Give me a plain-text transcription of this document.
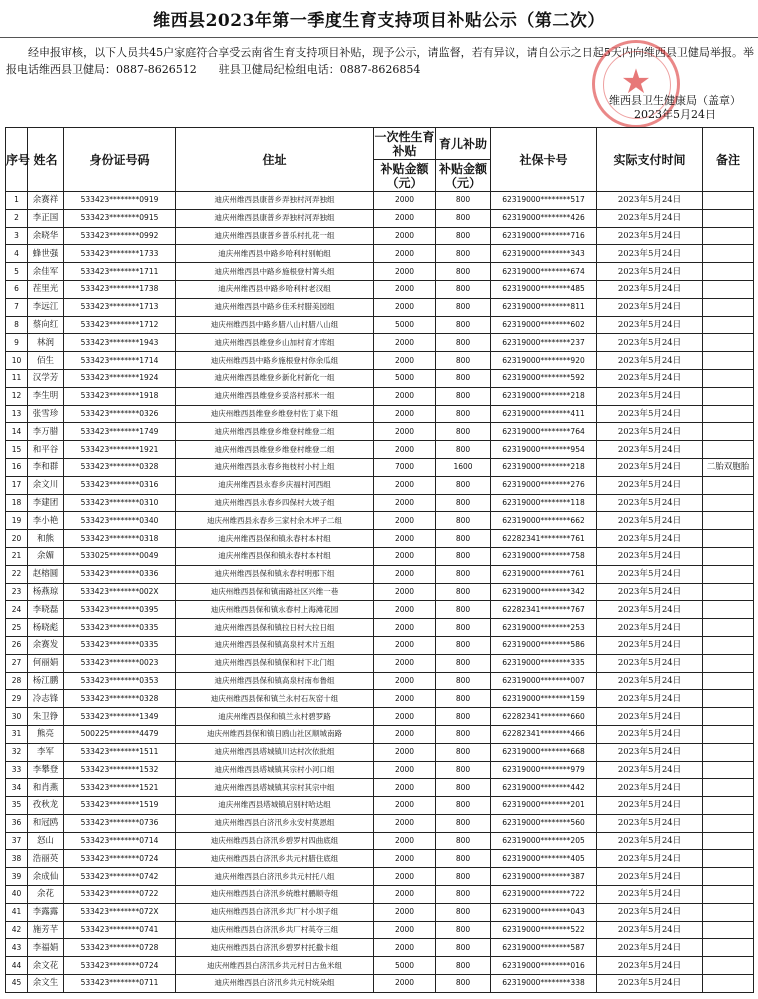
维西县2023年第一季度生育支持项目补贴公示（第二次）
经申报审核，以下人员共45户家庭符合享受云南省生育支持项目补贴，现予公示，请监督，若有异议，请自公示之日起5天内向维西县卫健局举报。举报电话维西县卫健局：0887-8626512　　驻县卫健局纪检组电话：0887-8626854
	★
维西县卫生健康局（盖章）
2023年5月24日
序号	姓名	身份证号码	住址	一次性生育补贴	育儿补助	社保卡号	实际支付时间	备注
				补贴金额（元）	补贴金额（元）			
1	余赛祥	533423********0919	迪庆州维西县康普乡弄独村河弄独组	2000	800	62319000********517	2023年5月24日	
2	李正国	533423********0915	迪庆州维西县康普乡弄独村河弄独组	2000	800	62319000********426	2023年5月24日	
3	余晓华	533423********0992	迪庆州维西县康普乡普乐村扎花一组	2000	800	62319000********716	2023年5月24日	
4	蜂世强	533423********1733	迪庆州维西县中路乡哈利村别帕组	2000	800	62319000********343	2023年5月24日	
5	余佳军	533423********1711	迪庆州维西县中路乡施根登村箐头组	2000	800	62319000********674	2023年5月24日	
6	茬里光	533423********1738	迪庆州维西县中路乡哈利村老汉组	2000	800	62319000********485	2023年5月24日	
7	李远江	533423********1713	迪庆州维西县中路乡佳禾村腊美园组	2000	800	62319000********811	2023年5月24日	
8	蔡向红	533423********1712	迪庆州维西县中路乡腊八山村腊八山组	5000	800	62319000********602	2023年5月24日	
9	林润	533423********1943	迪庆州维西县维登乡山加村育才库组	2000	800	62319000********237	2023年5月24日	
10	佰生	533423********1714	迪庆州维西县中路乡施根登村你余瓜组	2000	800	62319000********920	2023年5月24日	
11	汉学芳	533423********1924	迪庆州维西县维登乡新化村新化一组	5000	800	62319000********592	2023年5月24日	
12	李生明	533423********1918	迪庆州维西县维登乡妥洛村那米一组	2000	800	62319000********218	2023年5月24日	
13	张雪珍	533423********0326	迪庆州维西县维登乡维登村佐丁桌下组	2000	800	62319000********411	2023年5月24日	
14	李万腊	533423********1749	迪庆州维西县维登乡维登村维登二组	2000	800	62319000********764	2023年5月24日	
15	和平谷	533423********1921	迪庆州维西县维登乡维登村维登二组	2000	800	62319000********954	2023年5月24日	
16	李和群	533423********0328	迪庆州维西县永春乡拖枝村小村上组	7000	1600	62319000********218	2023年5月24日	二胎双胞胎
17	余文川	533423********0316	迪庆州维西县永春乡庆福村河西组	2000	800	62319000********276	2023年5月24日	
18	李建团	533423********0310	迪庆州维西县永春乡四保村大坡子组	2000	800	62319000********118	2023年5月24日	
19	李小艳	533423********0340	迪庆州维西县永春乡三家村余木坪子二组	2000	800	62319000********662	2023年5月24日	
20	和熊	533423********0318	迪庆州维西县保和镇永春村本村组	2000	800	62282341********761	2023年5月24日	
21	余媚	533025********0049	迪庆州维西县保和镇永春村本村组	2000	800	62319000********758	2023年5月24日	
22	赵榕圆	533423********0336	迪庆州维西县保和镇永春村明那下组	2000	800	62319000********761	2023年5月24日	
23	杨燕琼	533423********002X	迪庆州维西县保和镇南路社区兴维一巷	2000	800	62319000********342	2023年5月24日	
24	李晓磊	533423********0395	迪庆州维西县保和镇永春村上海滩花园	2000	800	62282341********767	2023年5月24日	
25	杨晓彪	533423********0335	迪庆州维西县保和镇拉日村大拉日组	2000	800	62319000********253	2023年5月24日	
26	余赛发	533423********0335	迪庆州维西县保和镇高泉村术片五组	2000	800	62319000********586	2023年5月24日	
27	何丽娟	533423********0023	迪庆州维西县保和镇保和村下北门组	2000	800	62319000********335	2023年5月24日	
28	杨江鹏	533423********0353	迪庆州维西县保和镇高泉村南布鲁组	2000	800	62319000********007	2023年5月24日	
29	冷志锋	533423********0328	迪庆州维西县保和镇兰永村石灰窑十组	2000	800	62319000********159	2023年5月24日	
30	朱卫铮	533423********1349	迪庆州维西县保和镇兰永村碧罗路	2000	800	62282341********660	2023年5月24日	
31	熊亮	500225********4479	迪庆州维西县保和镇日鸥山社区顺城南路	2000	800	62282341********466	2023年5月24日	
32	李军	533423********1511	迪庆州维西县塔城镇川达村次依批组	2000	800	62319000********668	2023年5月24日	
33	李攀登	533423********1532	迪庆州维西县塔城镇其宗村小河口组	2000	800	62319000********979	2023年5月24日	
34	和肖燕	533423********1521	迪庆州维西县塔城镇其宗村其宗中组	2000	800	62319000********442	2023年5月24日	
35	孜秋龙	533423********1519	迪庆州维西县塔城镇启别村哈达组	2000	800	62319000********201	2023年5月24日	
36	和冠鸥	533423********0736	迪庆州维西县白济汛乡永安村莫恩组	2000	800	62319000********560	2023年5月24日	
37	怒山	533423********0714	迪庆州维西县白济汛乡碧罗村四曲底组	2000	800	62319000********205	2023年5月24日	
38	浩丽英	533423********0724	迪庆州维西县白济汛乡共元村腊住底组	2000	800	62319000********405	2023年5月24日	
39	余成仙	533423********0742	迪庆州维西县白济汛乡共元村托八组	2000	800	62319000********387	2023年5月24日	
40	余花	533423********0722	迪庆州维西县白济汛乡统维村鹏顺寺组	2000	800	62319000********722	2023年5月24日	
41	李露露	533423********072X	迪庆州维西县白济汛乡共厂村小坝子组	2000	800	62319000********043	2023年5月24日	
42	施芳芊	533423********0741	迪庆州维西县白济汛乡共厂村英夺三组	2000	800	62319000********522	2023年5月24日	
43	李福娟	533423********0728	迪庆州维西县白济汛乡碧罗村托撒卡组	2000	800	62319000********587	2023年5月24日	
44	余文花	533423********0724	迪庆州维西县白济汛乡共元村日古鱼米组	5000	800	62319000********016	2023年5月24日	
45	余文生	533423********0711	迪庆州维西县白济汛乡共元村统朵组	2000	800	62319000********338	2023年5月24日	
